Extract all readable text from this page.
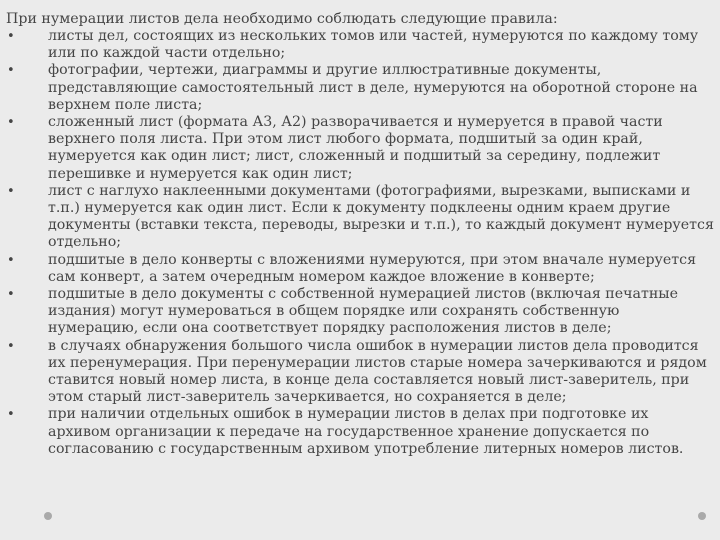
При нумерации листов дела необходимо соблюдать следующие правила:
•	листы дел, состоящих из нескольких томов или частей, нумеруются по каждому тому или по каждой части отдельно;
•	фотографии, чертежи, диаграммы и другие иллюстративные документы, представляющие самостоятельный лист в деле, нумеруются на оборотной стороне на верхнем поле листа;
•	сложенный лист (формата А3, А2) разворачивается и нумеруется в правой части верхнего поля листа. При этом лист любого формата, подшитый за один край, нумеруется как один лист; лист, сложенный и подшитый за середину, подлежит перешивке и нумеруется как один лист;
•	лист с наглухо наклеенными документами (фотографиями, вырезками, выписками и т.п.) нумеруется как один лист. Если к документу подклеены одним краем другие документы (вставки текста, переводы, вырезки и т.п.), то каждый документ нумеруется отдельно;
•	подшитые в дело конверты с вложениями нумеруются, при этом вначале нумеруется сам конверт, а затем очередным номером каждое вложение в конверте;
•	подшитые в дело документы с собственной нумерацией листов (включая печатные издания) могут нумероваться в общем порядке или сохранять собственную нумерацию, если она соответствует порядку расположения листов в деле;
•	в случаях обнаружения большого числа ошибок в нумерации листов дела проводится их перенумерация. При перенумерации листов старые номера зачеркиваются и рядом ставится новый номер листа, в конце дела составляется новый лист-заверитель, при этом старый лист-заверитель зачеркивается, но сохраняется в деле;
•	при наличии отдельных ошибок в нумерации листов в делах при подготовке их архивом организации к передаче на государственное хранение допускается по согласованию с государственным архивом употребление литерных номеров листов.
